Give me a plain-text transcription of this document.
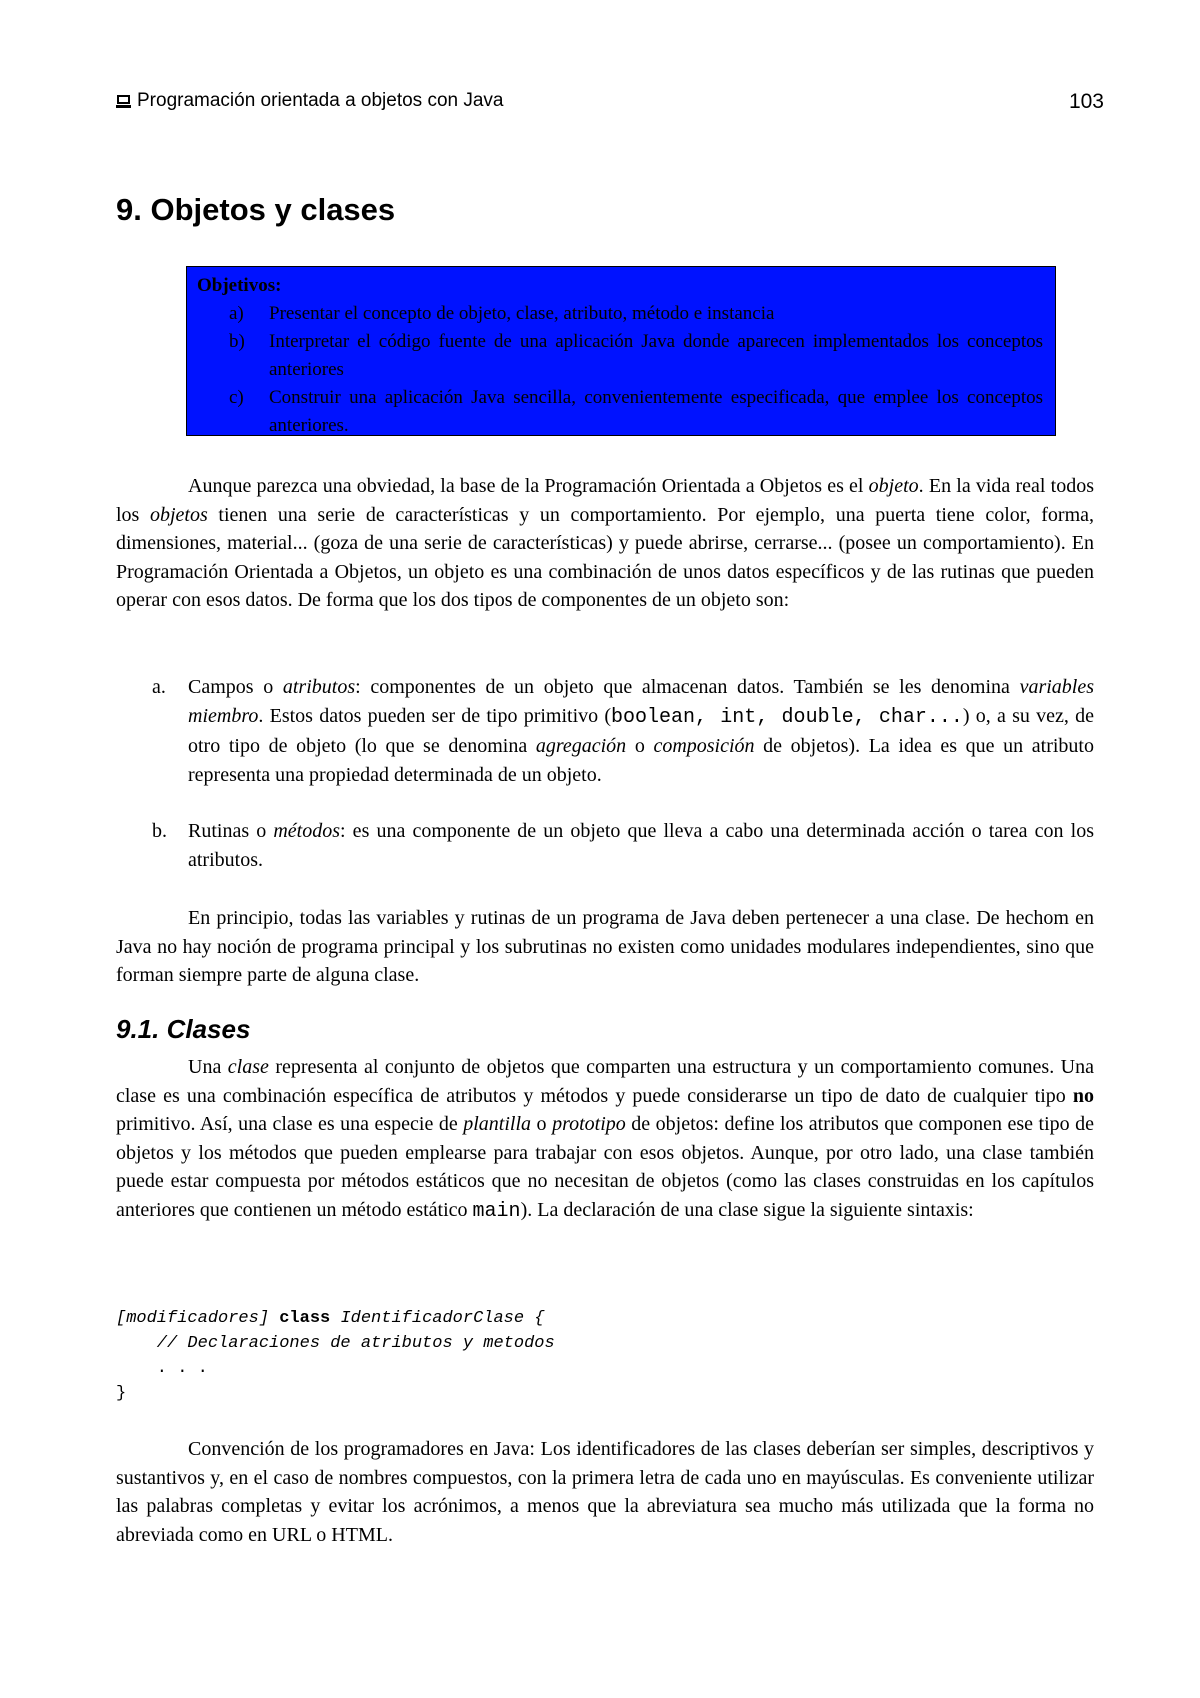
Programación orientada a objetos con Java	103
9. Objetos y clases
Objetivos:
a) Presentar el concepto de objeto, clase, atributo, método e instancia
b) Interpretar el código fuente de una aplicación Java donde aparecen implementados los conceptos anteriores
c) Construir una aplicación Java sencilla, convenientemente especificada, que emplee los conceptos anteriores.
Aunque parezca una obviedad, la base de la Programación Orientada a Objetos es el objeto. En la vida real todos los objetos tienen una serie de características y un comportamiento. Por ejemplo, una puerta tiene color, forma, dimensiones, material... (goza de una serie de características) y puede abrirse, cerrarse... (posee un comportamiento). En Programación Orientada a Objetos, un objeto es una combinación de unos datos específicos y de las rutinas que pueden operar con esos datos. De forma que los dos tipos de componentes de un objeto son:
a. Campos o atributos: componentes de un objeto que almacenan datos. También se les denomina variables miembro. Estos datos pueden ser de tipo primitivo (boolean, int, double, char...) o, a su vez, de otro tipo de objeto (lo que se denomina agregación o composición de objetos). La idea es que un atributo representa una propiedad determinada de un objeto.
b. Rutinas o métodos: es una componente de un objeto que lleva a cabo una determinada acción o tarea con los atributos.
En principio, todas las variables y rutinas de un programa de Java deben pertenecer a una clase. De hechom en Java no hay noción de programa principal y los subrutinas no existen como unidades modulares independientes, sino que forman siempre parte de alguna clase.
9.1. Clases
Una clase representa al conjunto de objetos que comparten una estructura y un comportamiento comunes. Una clase es una combinación específica de atributos y métodos y puede considerarse un tipo de dato de cualquier tipo no primitivo. Así, una clase es una especie de plantilla o prototipo de objetos: define los atributos que componen ese tipo de objetos y los métodos que pueden emplearse para trabajar con esos objetos. Aunque, por otro lado, una clase también puede estar compuesta por métodos estáticos que no necesitan de objetos (como las clases construidas en los capítulos anteriores que contienen un método estático main). La declaración de una clase sigue la siguiente sintaxis:
[modificadores] class IdentificadorClase {
// Declaraciones de atributos y metodos
. . .
}
Convención de los programadores en Java: Los identificadores de las clases deberían ser simples, descriptivos y sustantivos y, en el caso de nombres compuestos, con la primera letra de cada uno en mayúsculas. Es conveniente utilizar las palabras completas y evitar los acrónimos, a menos que la abreviatura sea mucho más utilizada que la forma no abreviada como en URL o HTML.
